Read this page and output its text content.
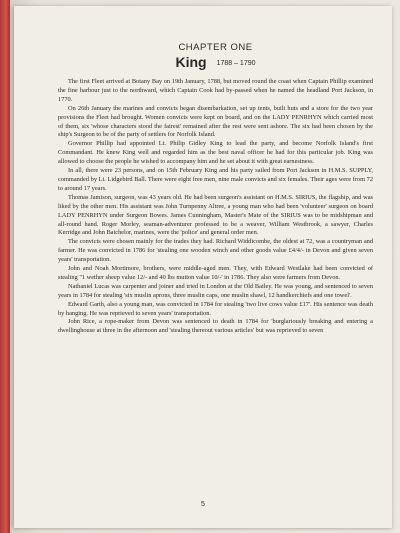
CHAPTER ONE
King 1788 – 1790

The first Fleet arrived at Botany Bay on 19th January, 1788, but moved round the coast when Captain Phillip examined the fine harbour just to the northward, which Captain Cook had by-passed when he named the headland Port Jackson, in 1770.

On 26th January the marines and convicts began disembarkation, set up tents, built huts and a store for the two year provisions the Fleet had brought. Women convicts were kept on board, and on the LADY PENRHYN which carried most of them, six 'whose characters stood the fairest' remained after the rest were sent ashore. The six had been chosen by the ship's Surgeon to be of the party of settlers for Norfolk Island.

Governor Phillip had appointed Lt. Philip Gidley King to lead the party, and become Norfolk Island's first Commandant. He knew King well and regarded him as the best naval officer he had for this particular job. King was allowed to choose the people he wished to accompany him and he set about it with great earnestness.

In all, there were 23 persons, and on 15th February King and his party sailed from Port Jackson in H.M.S. SUPPLY, commanded by Lt. Lidgebird Ball. There were eight free men, nine male convicts and six females. Their ages were from 72 to around 17 years.

Thomas Jamison, surgeon, was 43 years old. He had been surgeon's assistant on H.M.S. SIRIUS, the flagship, and was liked by the other men. His assistant was John Turnpenny Altree, a young man who had been 'volunteer' surgeon on board LADY PENRHYN under Surgeon Bowes. James Cunningham, Master's Mate of the SIRIUS was to be midshipman and all-round hand. Roger Morley, seaman-adventurer professed to be a weaver, William Westbrook, a sawyer, Charles Kerridge and John Batchelor, marines, were the 'police' and general order men.

The convicts were chosen mainly for the trades they had. Richard Widdicombe, the oldest at 72, was a countryman and farmer. He was convicted in 1786 for 'stealing one wooden winch and other goods value £4/4/- in Devon and given seven years' transportation.

John and Noah Mortimore, brothers, were middle-aged men. They, with Edward Westlake had been convicted of stealing "1 wether sheep value 12/- and 40 lbs mutton value 10/-' in 1786. They also were farmers from Devon.

Nathaniel Lucas was carpenter and joiner and tried in London at the Old Bailey. He was young, and sentenced to seven years in 1784 for stealing 'six muslin aprons, three muslin caps, one muslin shawl, 12 handkerchiefs and one towel'.

Edward Garth, also a young man, was convicted in 1784 for stealing 'two live cows value £17'. His sentence was death by hanging. He was reprieved to seven years' transportation.

John Rice, a rope-maker from Devon was sentenced to death in 1784 for 'burglariously breaking and entering a dwellinghouse at three in the afternoon and 'stealing thereout various articles' but was reprieved to seven

5
